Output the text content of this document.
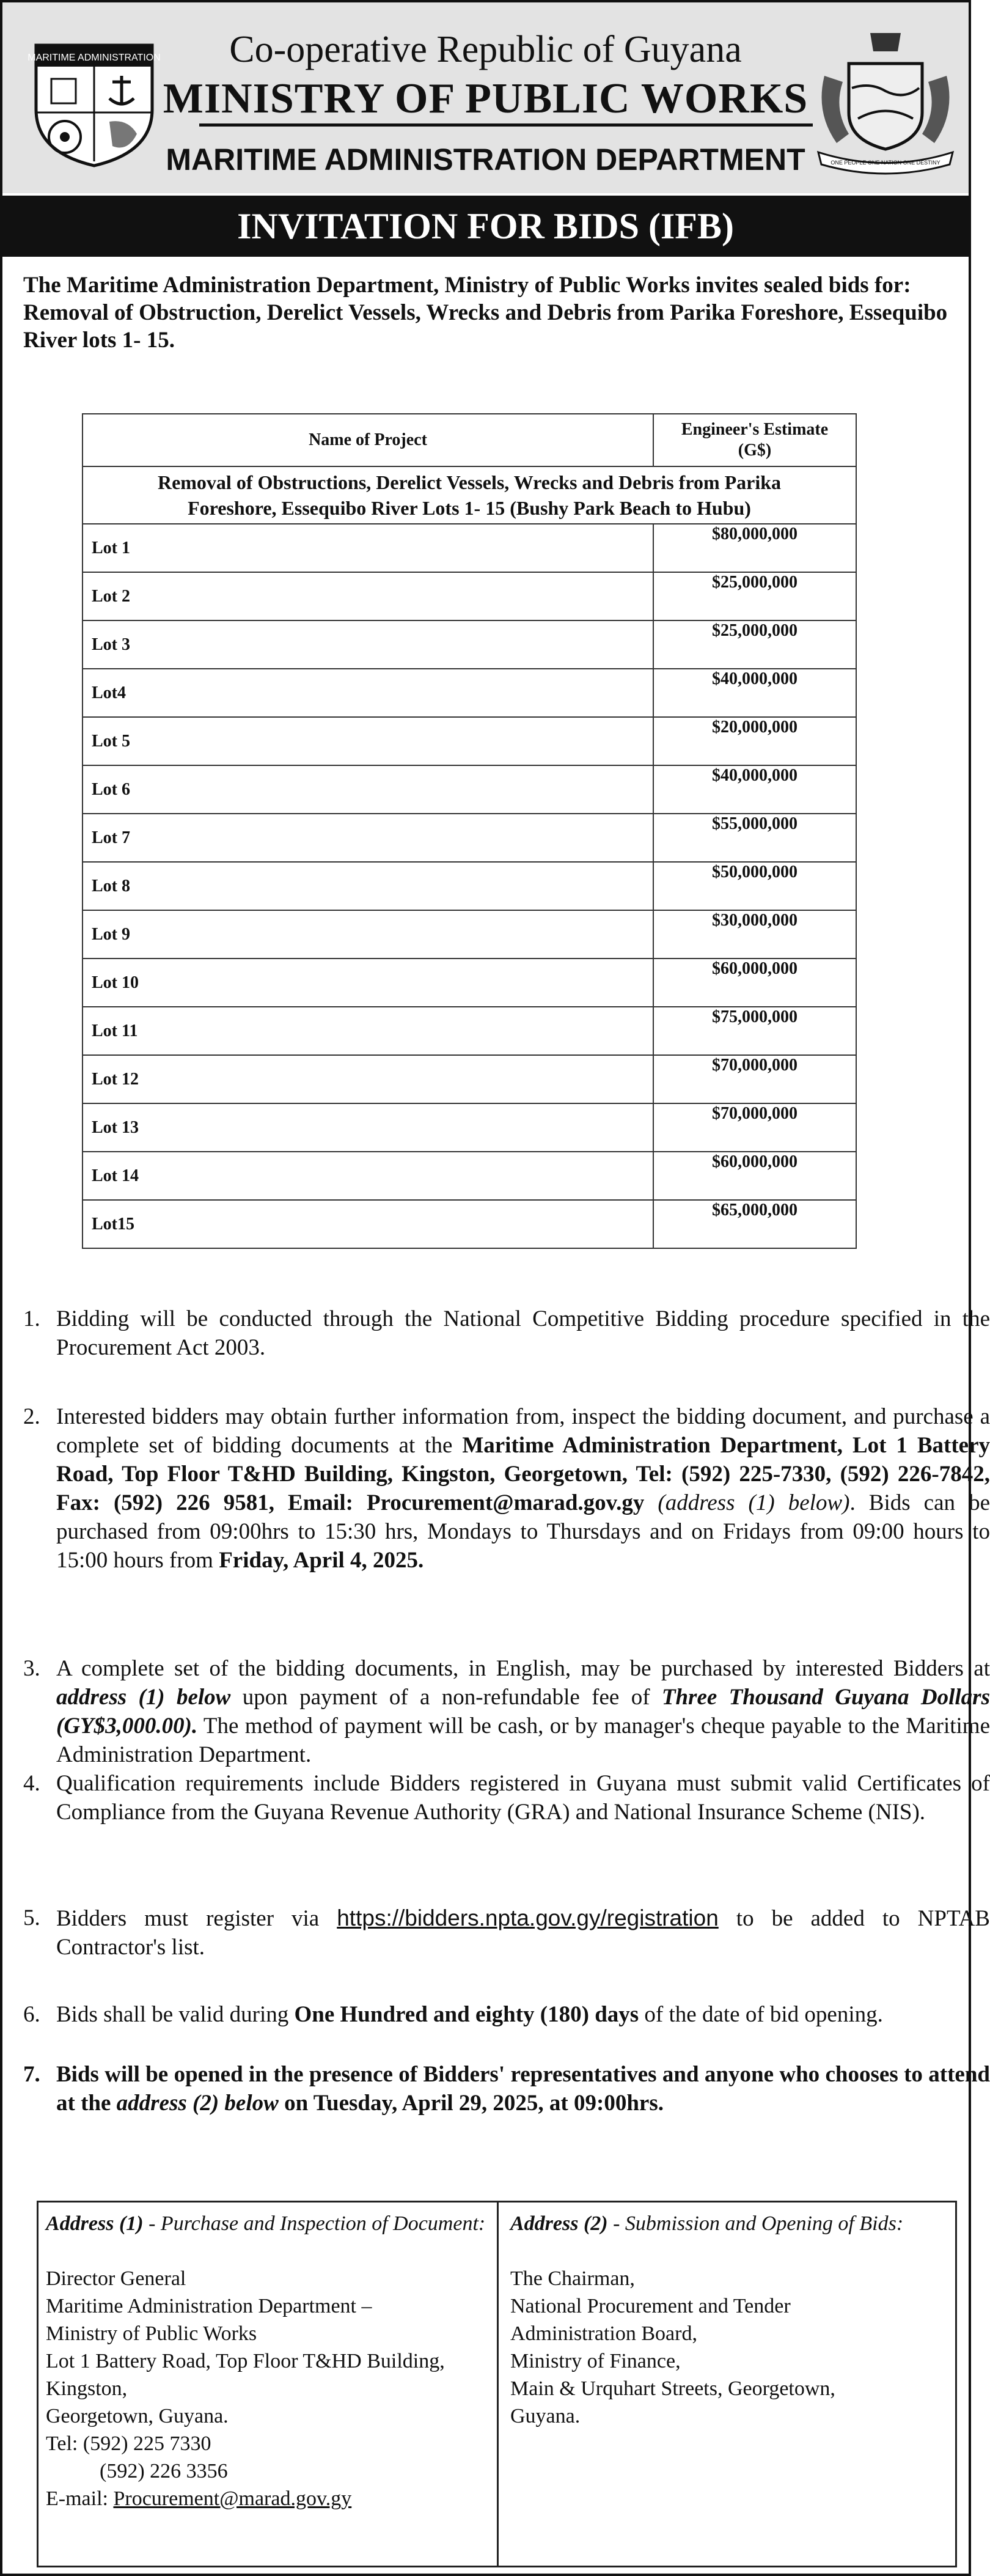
MARITIME ADMINISTRATION
ONE PEOPLE ONE NATION ONE DESTINY
Co-operative Republic of Guyana
MINISTRY OF PUBLIC WORKS
MARITIME ADMINISTRATION DEPARTMENT
INVITATION FOR BIDS (IFB)
The Maritime Administration Department, Ministry of Public Works invites sealed bids for: Removal of Obstruction, Derelict Vessels, Wrecks and Debris from Parika Foreshore, Essequibo River lots 1- 15.
Name of Project	Engineer's Estimate
(G$)
Removal of Obstructions, Derelict Vessels, Wrecks and Debris from Parika
Foreshore, Essequibo River Lots 1- 15 (Bushy Park Beach to Hubu)	
Lot 1	$80,000,000
Lot 2	$25,000,000
Lot 3	$25,000,000
Lot4	$40,000,000
Lot 5	$20,000,000
Lot 6	$40,000,000
Lot 7	$55,000,000
Lot 8	$50,000,000
Lot 9	$30,000,000
Lot 10	$60,000,000
Lot 11	$75,000,000
Lot 12	$70,000,000
Lot 13	$70,000,000
Lot 14	$60,000,000
Lot15	$65,000,000

1. Bidding will be conducted through the National Competitive Bidding procedure specified in the Procurement Act 2003.

2. Interested bidders may obtain further information from, inspect the bidding document, and purchase a complete set of bidding documents at the Maritime Administration Department, Lot 1 Battery Road, Top Floor T&HD Building, Kingston, Georgetown, Tel: (592) 225-7330, (592) 226-7842, Fax: (592) 226 9581, Email: Procurement@marad.gov.gy (address (1) below). Bids can be purchased from 09:00hrs to 15:30 hrs, Mondays to Thursdays and on Fridays from 09:00 hours to 15:00 hours from Friday, April 4, 2025.

3. A complete set of the bidding documents, in English, may be purchased by interested Bidders at address (1) below upon payment of a non-refundable fee of Three Thousand Guyana Dollars (GY$3,000.00). The method of payment will be cash, or by manager's cheque payable to the Maritime Administration Department.

4. Qualification requirements include Bidders registered in Guyana must submit valid Certificates of Compliance from the Guyana Revenue Authority (GRA) and National Insurance Scheme (NIS).

5. Bidders must register via https://bidders.npta.gov.gy/registration to be added to NPTAB Contractor's list.

6. Bids shall be valid during One Hundred and eighty (180) days of the date of bid opening.

7. Bids will be opened in the presence of Bidders' representatives and anyone who chooses to attend at the address (2) below on Tuesday, April 29, 2025, at 09:00hrs.

Address (1) - Purchase and Inspection of Document:
Director General
Maritime Administration Department –
Ministry of Public Works
Lot 1 Battery Road, Top Floor T&HD Building,
Kingston,
Georgetown, Guyana.
Tel: (592) 225 7330
(592) 226 3356
E-mail: Procurement@marad.gov.gy
Address (2) - Submission and Opening of Bids:
The Chairman,
National Procurement and Tender
Administration Board,
Ministry of Finance,
Main & Urquhart Streets, Georgetown,
Guyana.
